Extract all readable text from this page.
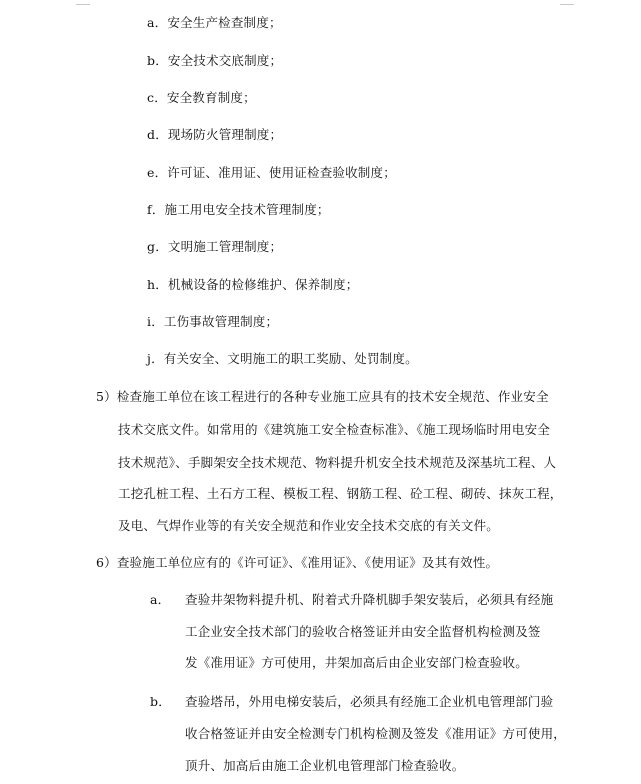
a．安全生产检查制度；
b．安全技术交底制度；
c．安全教育制度；
d．现场防火管理制度；
e．许可证、准用证、使用证检查验收制度；
f．施工用电安全技术管理制度；
g．文明施工管理制度；
h．机械设备的检修维护、保养制度；
i．工伤事故管理制度；
j．有关安全、文明施工的职工奖励、处罚制度。
5）检查施工单位在该工程进行的各种专业施工应具有的技术安全规范、作业安全
技术交底文件。如常用的《建筑施工安全检查标准》、《施工现场临时用电安全
技术规范》、手脚架安全技术规范、物料提升机安全技术规范及深基坑工程、人
工挖孔桩工程、土石方工程、模板工程、钢筋工程、砼工程、砌砖、抹灰工程，
及电、气焊作业等的有关安全规范和作业安全技术交底的有关文件。
6）查验施工单位应有的《许可证》、《准用证》、《使用证》及其有效性。
a． 查验井架物料提升机、附着式升降机脚手架安装后，必须具有经施
工企业安全技术部门的验收合格签证并由安全监督机构检测及签
发《准用证》方可使用，井架加高后由企业安部门检查验收。
b． 查验塔吊，外用电梯安装后，必须具有经施工企业机电管理部门验
收合格签证并由安全检测专门机构检测及签发《准用证》方可使用，
顶升、加高后由施工企业机电管理部门检查验收。
